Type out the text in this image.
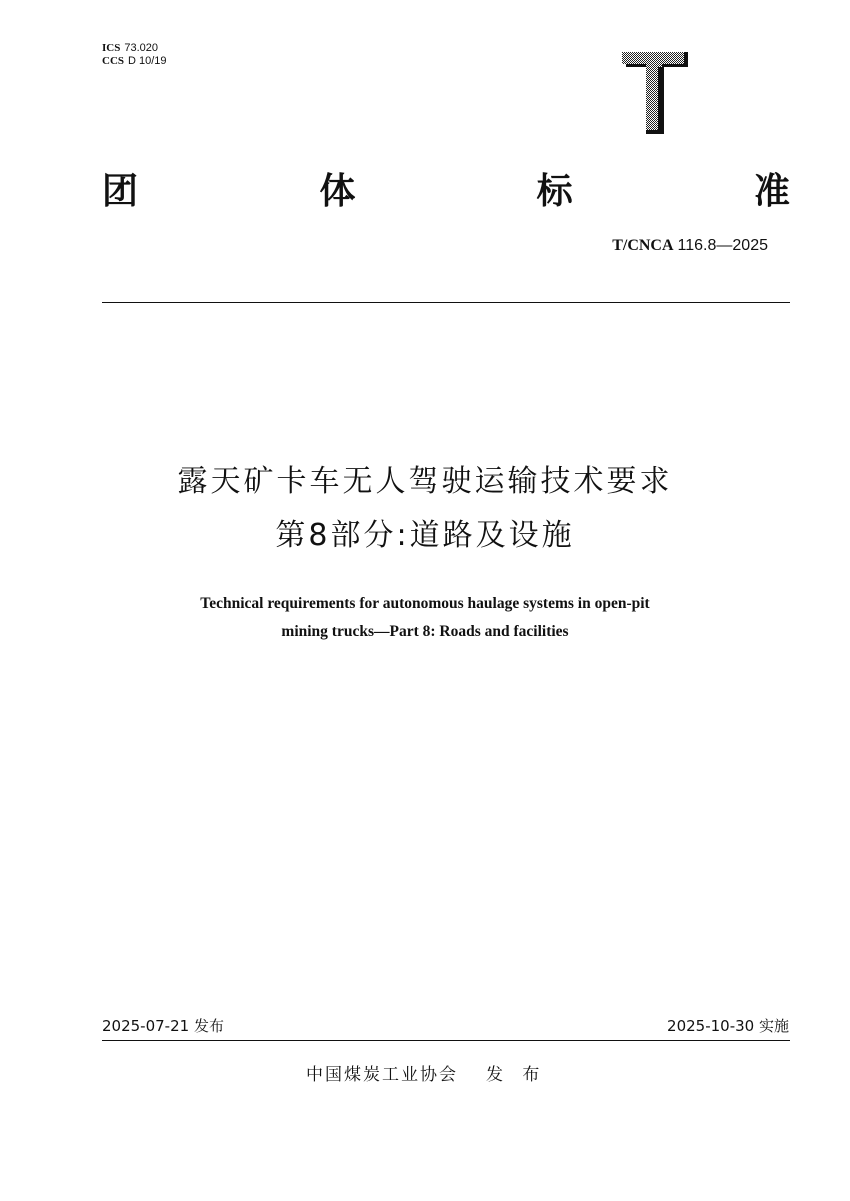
ICS 73.020
CCS D 10/19
团	体	标	准
T/CNCA 116.8—2025
露天矿卡车无人驾驶运输技术要求
第8部分:道路及设施
Technical requirements for autonomous haulage systems in open-pit
mining trucks—Part 8: Roads and facilities
2025-07-21 发布	2025-10-30 实施
中国煤炭工业协会 发 布
